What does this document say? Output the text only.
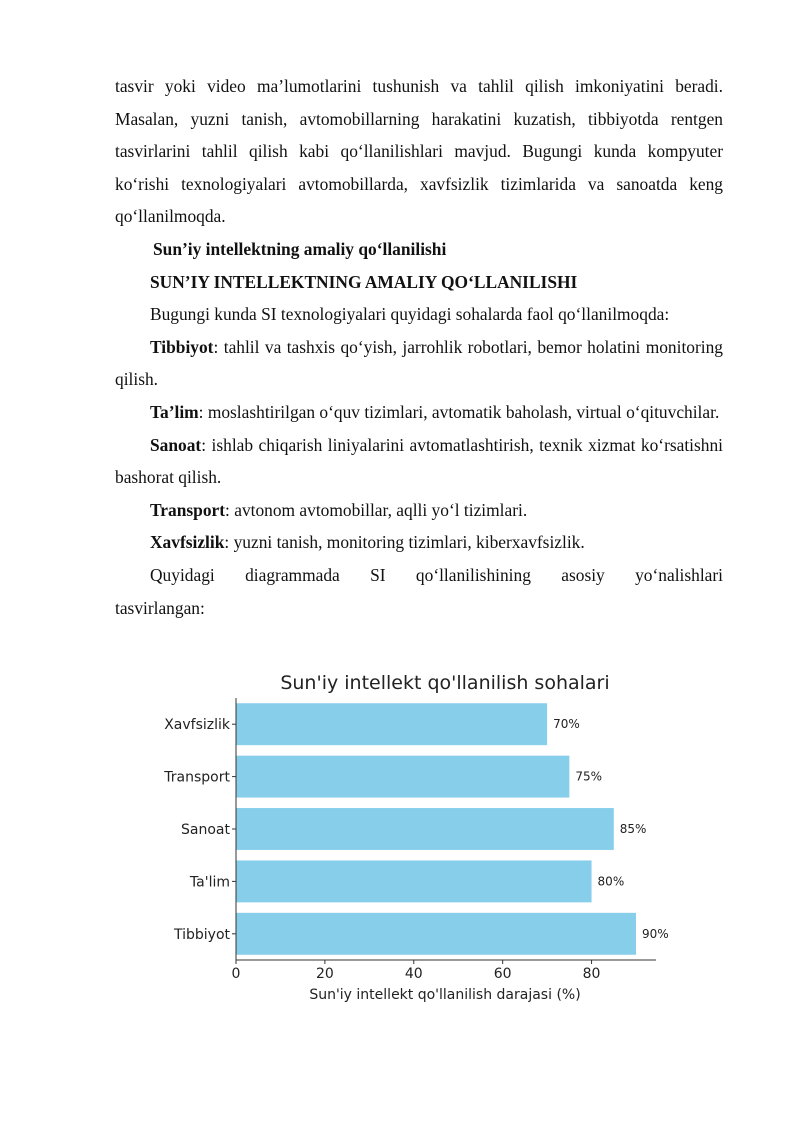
tasvir yoki video ma’lumotlarini tushunish va tahlil qilish imkoniyatini beradi. Masalan, yuzni tanish, avtomobillarning harakatini kuzatish, tibbiyotda rentgen tasvirlarini tahlil qilish kabi qo‘llanilishlari mavjud. Bugungi kunda kompyuter ko‘rishi texnologiyalari avtomobillarda, xavfsizlik tizimlarida va sanoatda keng qo‘llanilmoqda.

Sun’iy intellektning amaliy qo‘llanilishi

SUN’IY INTELLEKTNING AMALIY QO‘LLANILISHI

Bugungi kunda SI texnologiyalari quyidagi sohalarda faol qo‘llanilmoqda:

Tibbiyot: tahlil va tashxis qo‘yish, jarrohlik robotlari, bemor holatini monitoring qilish.

Ta’lim: moslashtirilgan o‘quv tizimlari, avtomatik baholash, virtual o‘qituvchilar.

Sanoat: ishlab chiqarish liniyalarini avtomatlashtirish, texnik xizmat ko‘rsatishni bashorat qilish.

Transport: avtonom avtomobillar, aqlli yo‘l tizimlari.

Xavfsizlik: yuzni tanish, monitoring tizimlari, kiberxavfsizlik.

Quyidagi diagrammada SI qo‘llanilishining asosiy yo‘nalishlari

tasvirlangan:

Sun'iy intellekt qo'llanilish sohalari
Xavfsizlik
Transport
Sanoat
Ta'lim
Tibbiyot
70%
75%
85%
80%
90%
0	20	40	60	80
Sun'iy intellekt qo'llanilish darajasi (%)
